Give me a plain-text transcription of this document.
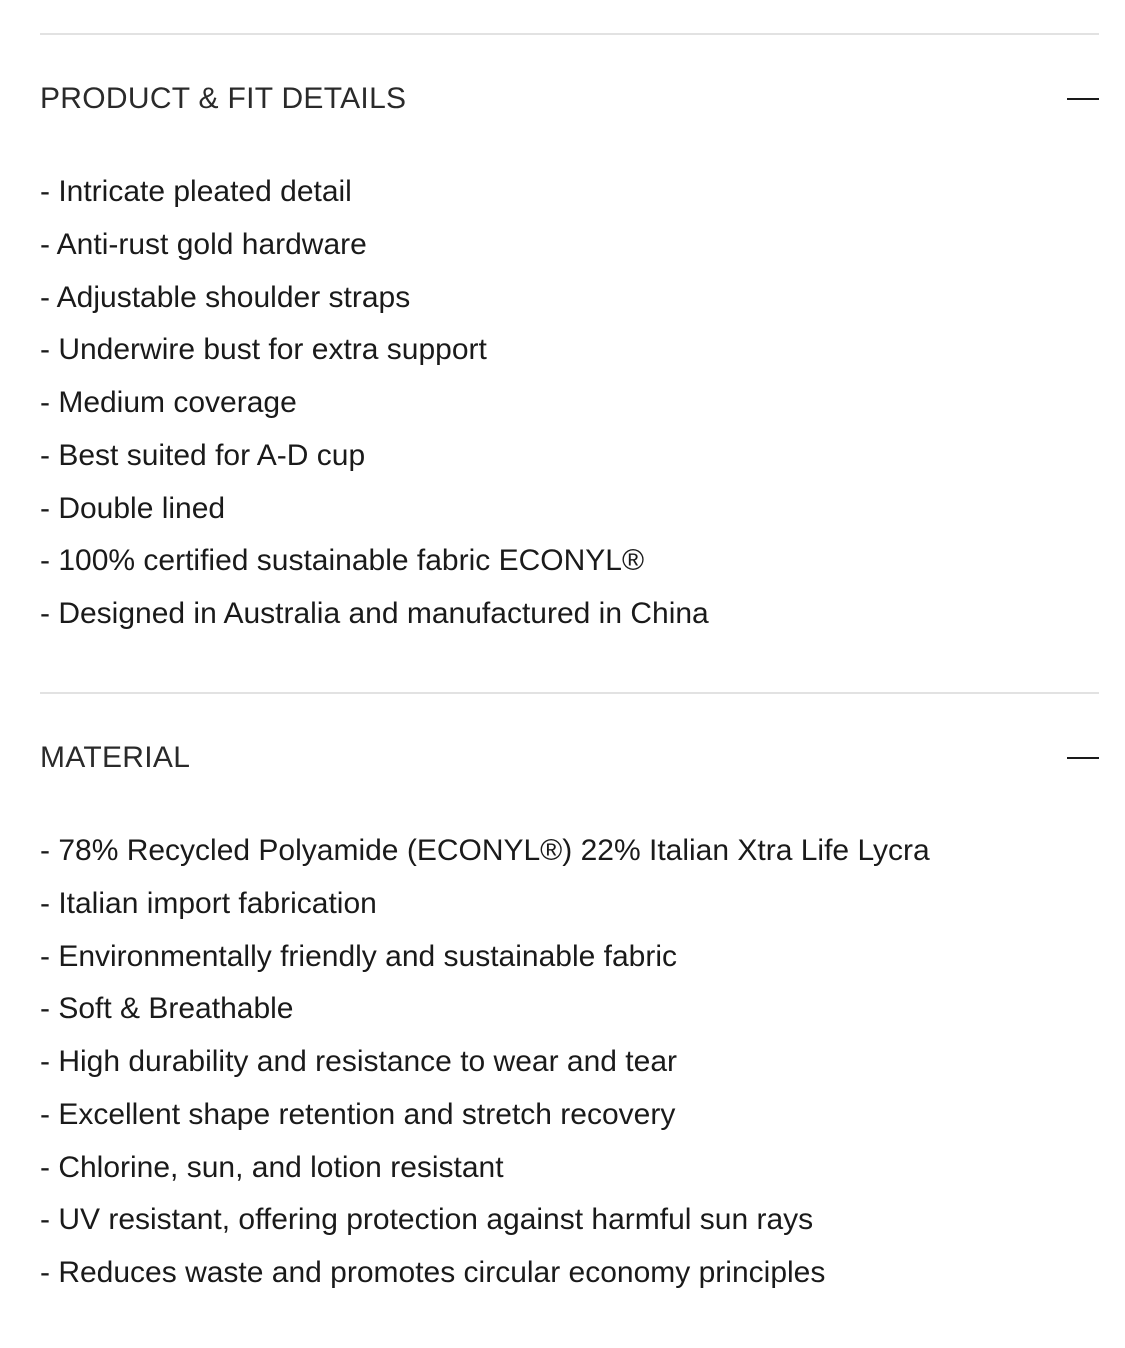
PRODUCT & FIT DETAILS
- Intricate pleated detail
- Anti-rust gold hardware
- Adjustable shoulder straps
- Underwire bust for extra support
- Medium coverage
- Best suited for A-D cup
- Double lined
- 100% certified sustainable fabric ECONYL®
- Designed in Australia and manufactured in China
MATERIAL
- 78% Recycled Polyamide (ECONYL®) 22% Italian Xtra Life Lycra
- Italian import fabrication
- Environmentally friendly and sustainable fabric
- Soft & Breathable
- High durability and resistance to wear and tear
- Excellent shape retention and stretch recovery
- Chlorine, sun, and lotion resistant
- UV resistant, offering protection against harmful sun rays
- Reduces waste and promotes circular economy principles
